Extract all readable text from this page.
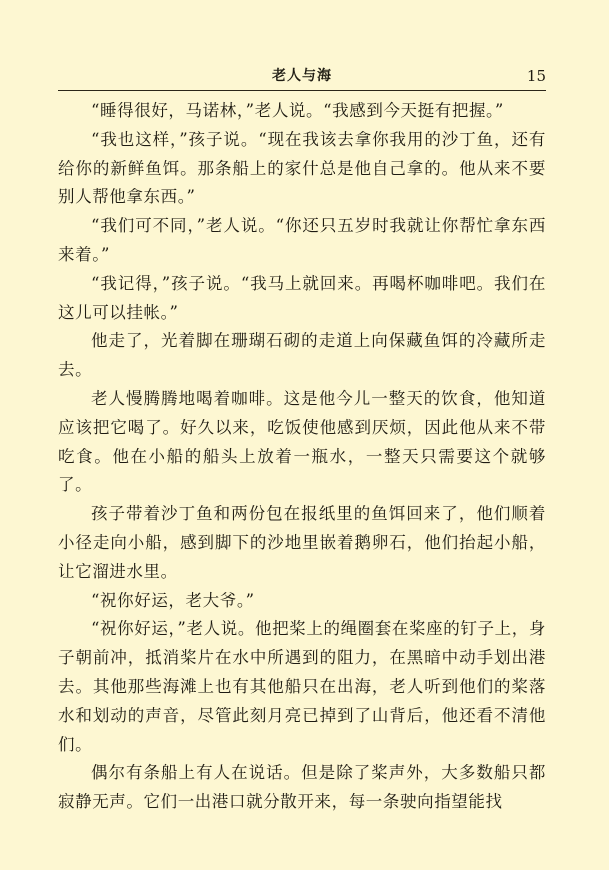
老人与海	15

“睡得很好，马诺林，”老人说。“我感到今天挺有把握。”

“我也这样，”孩子说。“现在我该去拿你我用的沙丁鱼，还有给你的新鲜鱼饵。那条船上的家什总是他自己拿的。他从来不要别人帮他拿东西。”

“我们可不同，”老人说。“你还只五岁时我就让你帮忙拿东西来着。”

“我记得，”孩子说。“我马上就回来。再喝杯咖啡吧。我们在这儿可以挂帐。”

他走了，光着脚在珊瑚石砌的走道上向保藏鱼饵的冷藏所走去。

老人慢腾腾地喝着咖啡。这是他今儿一整天的饮食，他知道应该把它喝了。好久以来，吃饭使他感到厌烦，因此他从来不带吃食。他在小船的船头上放着一瓶水，一整天只需要这个就够了。

孩子带着沙丁鱼和两份包在报纸里的鱼饵回来了，他们顺着小径走向小船，感到脚下的沙地里嵌着鹅卵石，他们抬起小船，让它溜进水里。

“祝你好运，老大爷。”

“祝你好运，”老人说。他把桨上的绳圈套在桨座的钉子上，身子朝前冲，抵消桨片在水中所遇到的阻力，在黑暗中动手划出港去。其他那些海滩上也有其他船只在出海，老人听到他们的桨落水和划动的声音，尽管此刻月亮已掉到了山背后，他还看不清他们。

偶尔有条船上有人在说话。但是除了桨声外，大多数船只都寂静无声。它们一出港口就分散开来，每一条驶向指望能找
